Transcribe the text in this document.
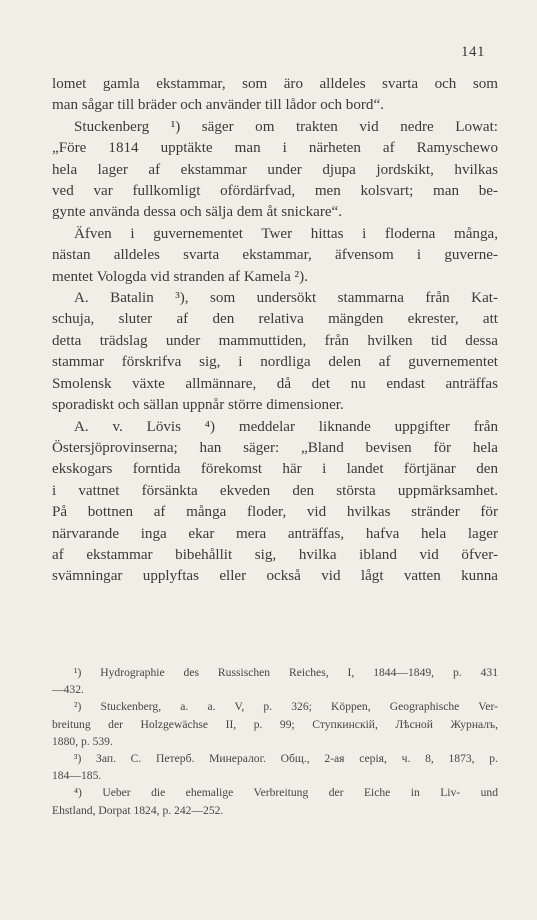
141
lomet gamla ekstammar, som äro alldeles svarta och som
man sågar till bräder och använder till lådor och bord“.
Stuckenberg ¹) säger om trakten vid nedre Lowat:
„Före 1814 upptäkte man i närheten af Ramyschewo
hela lager af ekstammar under djupa jordskikt, hvilkas
ved var fullkomligt ofördärfvad, men kolsvart; man be-
gynte använda dessa och sälja dem åt snickare“.
Äfven i guvernementet Twer hittas i floderna många,
nästan alldeles svarta ekstammar, äfvensom i guverne-
mentet Vologda vid stranden af Kamela ²).
A. Batalin ³), som undersökt stammarna från Kat-
schuja, sluter af den relativa mängden ekrester, att
detta trädslag under mammuttiden, från hvilken tid dessa
stammar förskrifva sig, i nordliga delen af guvernementet
Smolensk växte allmännare, då det nu endast anträffas
sporadiskt och sällan uppnår större dimensioner.
A. v. Lövis ⁴) meddelar liknande uppgifter från
Östersjöprovinserna; han säger: „Bland bevisen för hela
ekskogars forntida förekomst här i landet förtjänar den
i vattnet försänkta ekveden den största uppmärksamhet.
På bottnen af många floder, vid hvilkas stränder för
närvarande inga ekar mera anträffas, hafva hela lager
af ekstammar bibehållit sig, hvilka ibland vid öfver-
svämningar upplyftas eller också vid lågt vatten kunna
¹) Hydrographie des Russischen Reiches, I, 1844—1849, p. 431
—432.
²) Stuckenberg, a. a. V, p. 326; Köppen, Geographische Ver-
breitung der Holzgewächse II, p. 99; Ступкинскій, Лѣсной Журналъ,
1880, p. 539.
³) Зап. С. Петерб. Минералог. Общ., 2-ая серія, ч. 8, 1873, p.
184—185.
⁴) Ueber die ehemalige Verbreitung der Eiche in Liv- und
Ehstland, Dorpat 1824, p. 242—252.
